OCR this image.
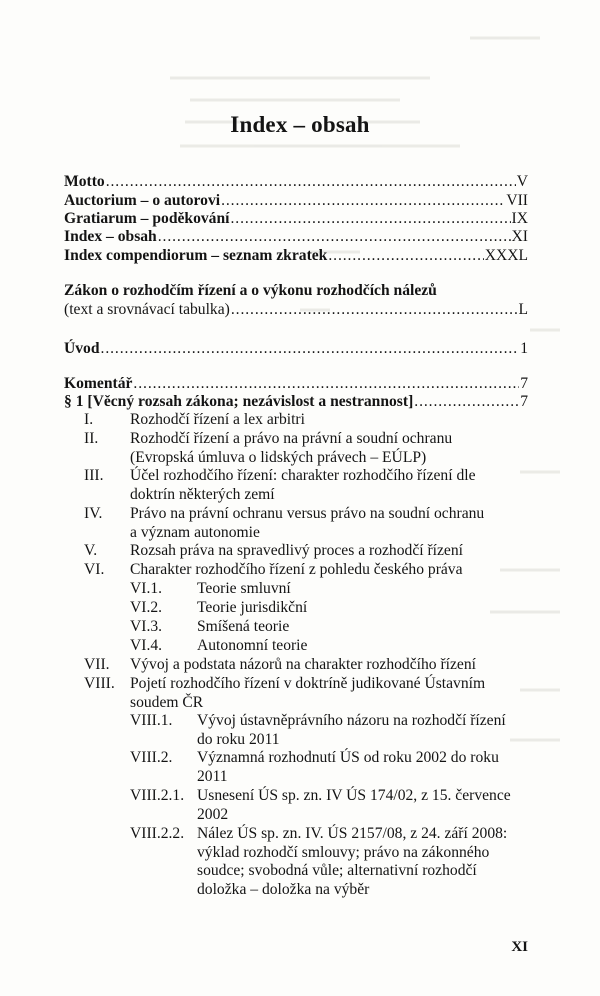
Index – obsah
Motto .....	V
Auctorium – o autorovi .....	VII
Gratiarum – poděkování .....	IX
Index – obsah .....	XI
Index compendiorum – seznam zkratek .....	XXXL
Zákon o rozhodčím řízení a o výkonu rozhodčích nálezů
(text a srovnávací tabulka) .....	L
Úvod .....	1
Komentář .....	7
§ 1 [Věcný rozsah zákona; nezávislost a nestrannost] .....	7
I. Rozhodčí řízení a lex arbitri
II. Rozhodčí řízení a právo na právní a soudní ochranu
(Evropská úmluva o lidských právech – EÚLP)
III. Účel rozhodčího řízení: charakter rozhodčího řízení dle
doktrín některých zemí
IV. Právo na právní ochranu versus právo na soudní ochranu
a význam autonomie
V. Rozsah práva na spravedlivý proces a rozhodčí řízení
VI. Charakter rozhodčího řízení z pohledu českého práva
VI.1. Teorie smluvní
VI.2. Teorie jurisdikční
VI.3. Smíšená teorie
VI.4. Autonomní teorie
VII. Vývoj a podstata názorů na charakter rozhodčího řízení
VIII. Pojetí rozhodčího řízení v doktríně judikované Ústavním
soudem ČR
VIII.1. Vývoj ústavněprávního názoru na rozhodčí řízení
do roku 2011
VIII.2. Významná rozhodnutí ÚS od roku 2002 do roku
2011
VIII.2.1. Usnesení ÚS sp. zn. IV ÚS 174/02, z 15. července
2002
VIII.2.2. Nález ÚS sp. zn. IV. ÚS 2157/08, z 24. září 2008:
výklad rozhodčí smlouvy; právo na zákonného
soudce; svobodná vůle; alternativní rozhodčí
doložka – doložka na výběr
XI
